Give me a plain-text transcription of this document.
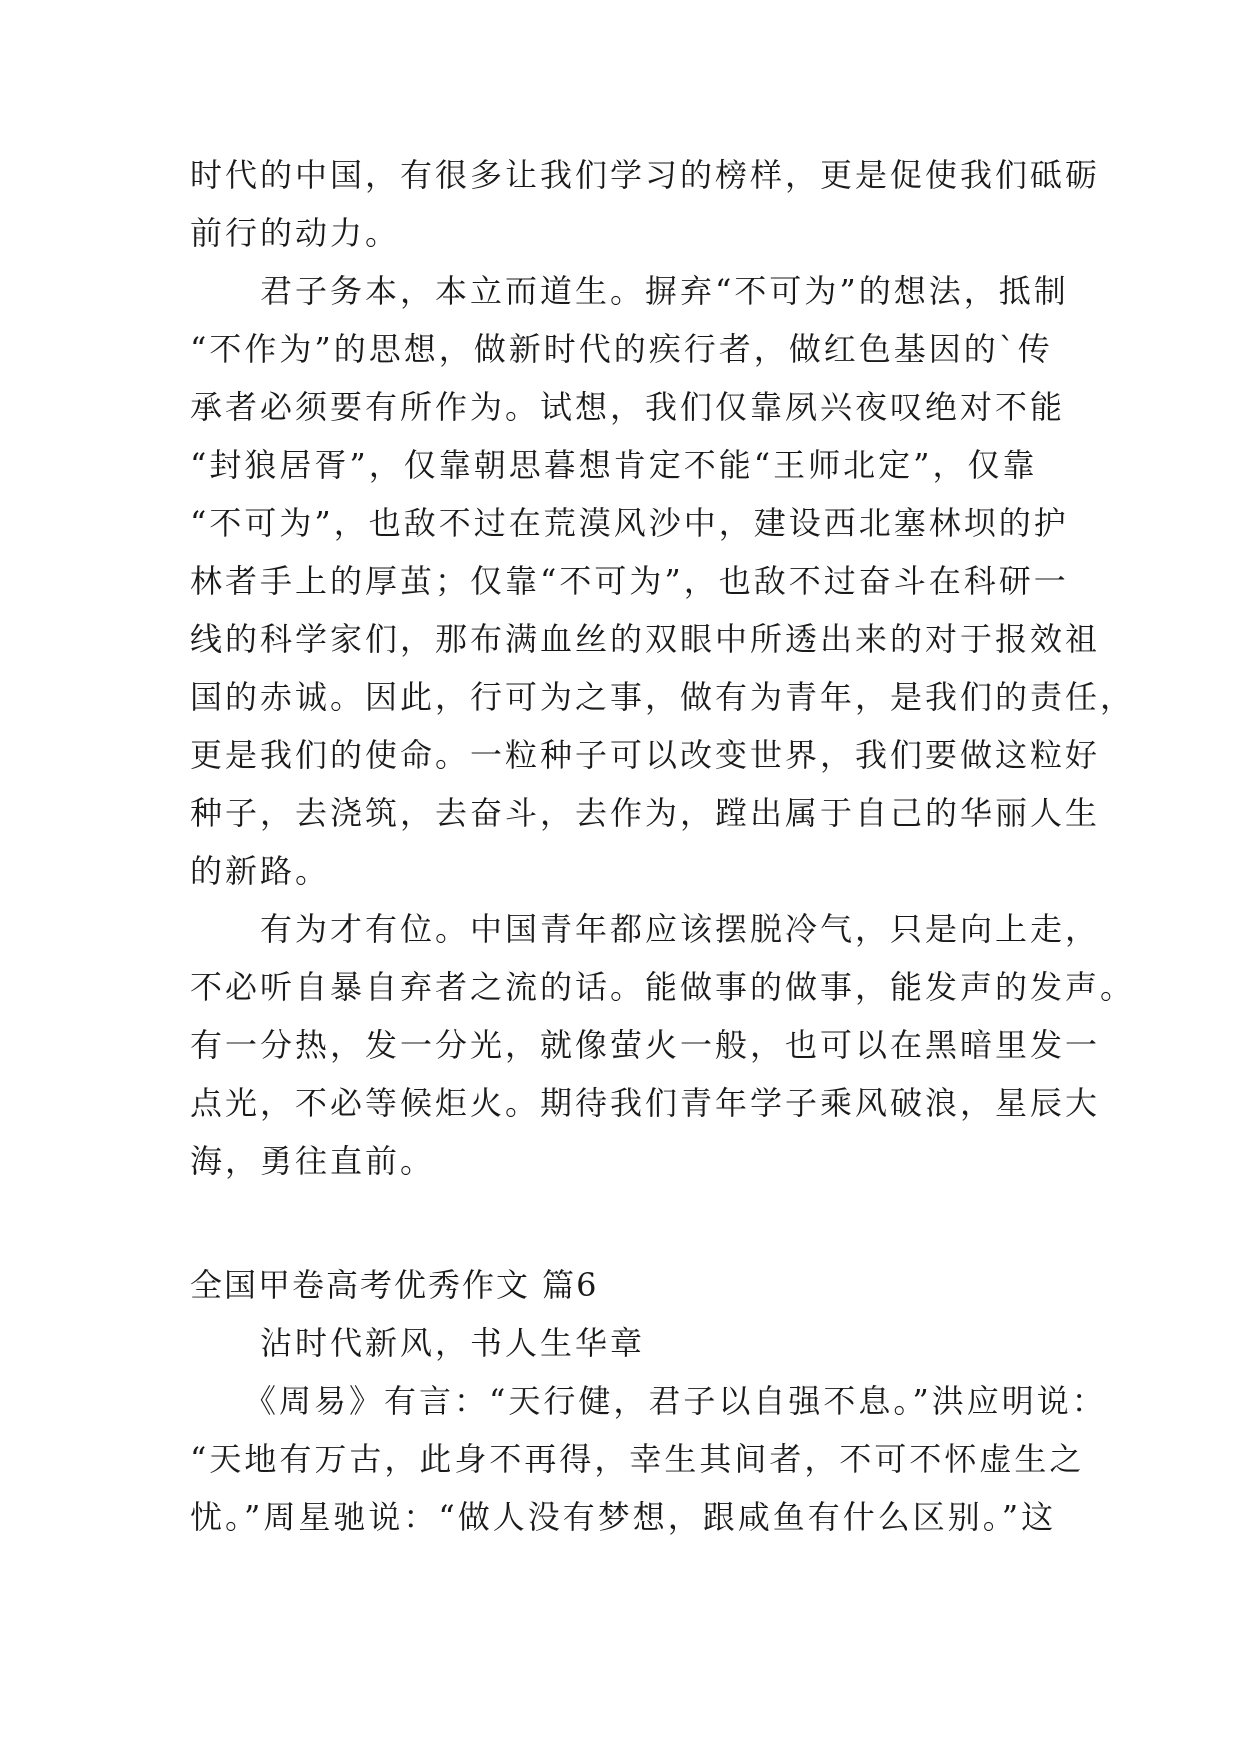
时代的中国，有很多让我们学习的榜样，更是促使我们砥砺
前行的动力。
　　君子务本，本立而道生。摒弃“不可为”的想法，抵制
“不作为”的思想，做新时代的疾行者，做红色基因的`传
承者必须要有所作为。试想，我们仅靠夙兴夜叹绝对不能
“封狼居胥”，仅靠朝思暮想肯定不能“王师北定”，仅靠
“不可为”，也敌不过在荒漠风沙中，建设西北塞林坝的护
林者手上的厚茧；仅靠“不可为”，也敌不过奋斗在科研一
线的科学家们，那布满血丝的双眼中所透出来的对于报效祖
国的赤诚。因此，行可为之事，做有为青年，是我们的责任，
更是我们的使命。一粒种子可以改变世界，我们要做这粒好
种子，去浇筑，去奋斗，去作为，蹚出属于自己的华丽人生
的新路。
　　有为才有位。中国青年都应该摆脱冷气，只是向上走，
不必听自暴自弃者之流的话。能做事的做事，能发声的发声。
有一分热，发一分光，就像萤火一般，也可以在黑暗里发一
点光，不必等候炬火。期待我们青年学子乘风破浪，星辰大
海，勇往直前。
全国甲卷高考优秀作文 篇6
　　沾时代新风，书人生华章
　　《周易》有言：“天行健，君子以自强不息。”洪应明说：
“天地有万古，此身不再得，幸生其间者，不可不怀虚生之
忧。”周星驰说：“做人没有梦想，跟咸鱼有什么区别。”这
